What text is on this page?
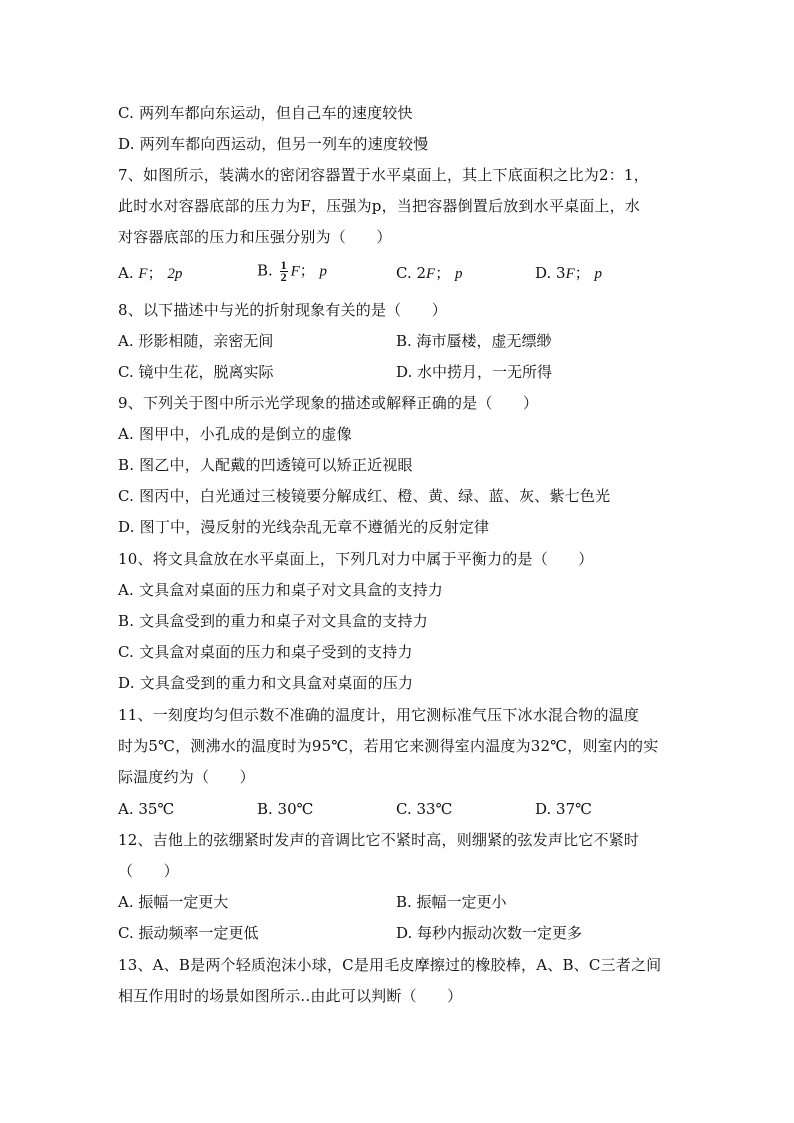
C. 两列车都向东运动，但自己车的速度较快
D. 两列车都向西运动，但另一列车的速度较慢
7、如图所示，装满水的密闭容器置于水平桌面上，其上下底面积之比为2：1，
此时水对容器底部的压力为F，压强为p，当把容器倒置后放到水平桌面上，水
对容器底部的压力和压强分别为（　　）
A. F； 2p	B. $\frac{1}{2}$ F； p	C. 2F； p	D. 3F； p
8、以下描述中与光的折射现象有关的是（　　）
A. 形影相随，亲密无间	B. 海市蜃楼，虚无缥缈
C. 镜中生花，脱离实际	D. 水中捞月，一无所得
9、下列关于图中所示光学现象的描述或解释正确的是（　　）
A. 图甲中，小孔成的是倒立的虚像
B. 图乙中，人配戴的凹透镜可以矫正近视眼
C. 图丙中，白光通过三棱镜要分解成红、橙、黄、绿、蓝、灰、紫七色光
D. 图丁中，漫反射的光线杂乱无章不遵循光的反射定律
10、将文具盒放在水平桌面上，下列几对力中属于平衡力的是（　　）
A. 文具盒对桌面的压力和桌子对文具盒的支持力
B. 文具盒受到的重力和桌子对文具盒的支持力
C. 文具盒对桌面的压力和桌子受到的支持力
D. 文具盒受到的重力和文具盒对桌面的压力
11、一刻度均匀但示数不准确的温度计，用它测标准气压下冰水混合物的温度
时为5℃，测沸水的温度时为95℃，若用它来测得室内温度为32℃，则室内的实
际温度约为（　　）
A. 35℃	B. 30℃	C. 33℃	D. 37℃
12、吉他上的弦绷紧时发声的音调比它不紧时高，则绷紧的弦发声比它不紧时
（　　）
A. 振幅一定更大	B. 振幅一定更小
C. 振动频率一定更低	D. 每秒内振动次数一定更多
13、A、B是两个轻质泡沫小球，C是用毛皮摩擦过的橡胶棒，A、B、C三者之间
相互作用时的场景如图所示..由此可以判断（　　）
